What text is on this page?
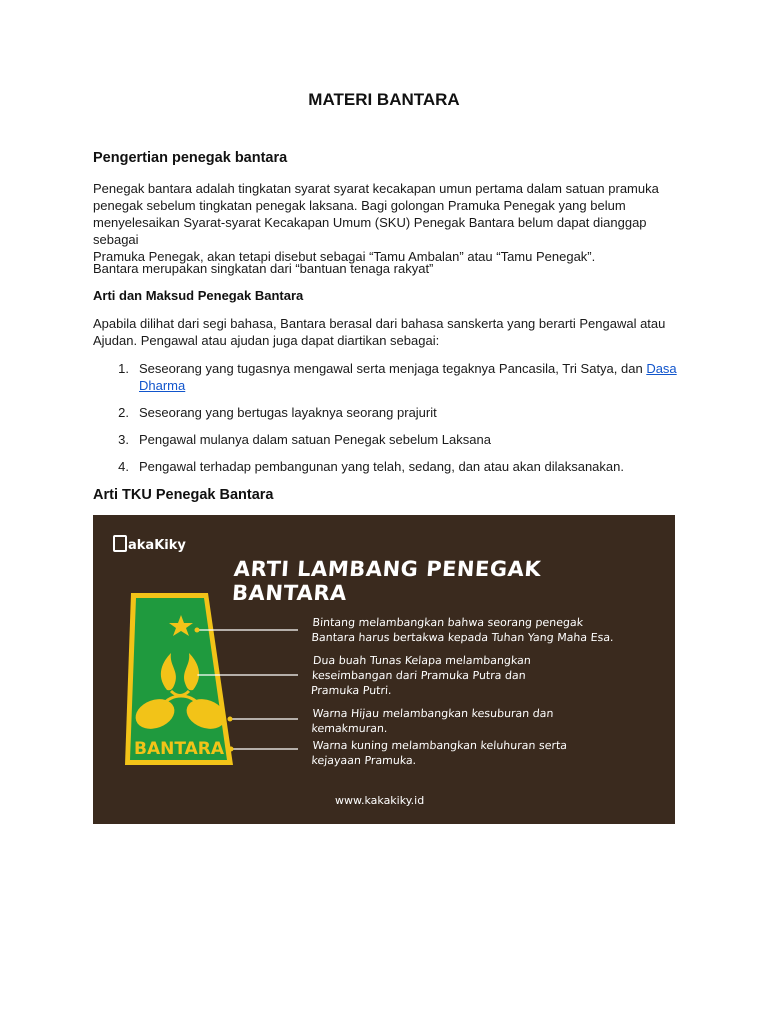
MATERI BANTARA
Pengertian penegak bantara
Penegak bantara adalah tingkatan syarat syarat kecakapan umun pertama dalam satuan pramuka
penegak sebelum tingkatan penegak laksana. Bagi golongan Pramuka Penegak yang belum
menyelesaikan Syarat-syarat Kecakapan Umum (SKU) Penegak Bantara belum dapat dianggap sebagai
Pramuka Penegak, akan tetapi disebut sebagai “Tamu Ambalan” atau “Tamu Penegak”.
Bantara merupakan singkatan dari “bantuan tenaga rakyat”
Arti dan Maksud Penegak Bantara
Apabila dilihat dari segi bahasa, Bantara berasal dari bahasa sanskerta yang berarti Pengawal atau
Ajudan. Pengawal atau ajudan juga dapat diartikan sebagai:
1. Seseorang yang tugasnya mengawal serta menjaga tegaknya Pancasila, Tri Satya, dan Dasa
Dharma
2. Seseorang yang bertugas layaknya seorang prajurit
3. Pengawal mulanya dalam satuan Penegak sebelum Laksana
4. Pengawal terhadap pembangunan yang telah, sedang, dan atau akan dilaksanakan.
Arti TKU Penegak Bantara
BANTARA
akaKiky
ARTI LAMBANG PENEGAK BANTARA
Bintang melambangkan bahwa seorang penegak
Bantara harus bertakwa kepada Tuhan Yang Maha Esa.
Dua buah Tunas Kelapa melambangkan
keseimbangan dari Pramuka Putra dan
Pramuka Putri.
Warna Hijau melambangkan kesuburan dan
kemakmuran.
Warna kuning melambangkan keluhuran serta
kejayaan Pramuka.
www.kakakiky.id
